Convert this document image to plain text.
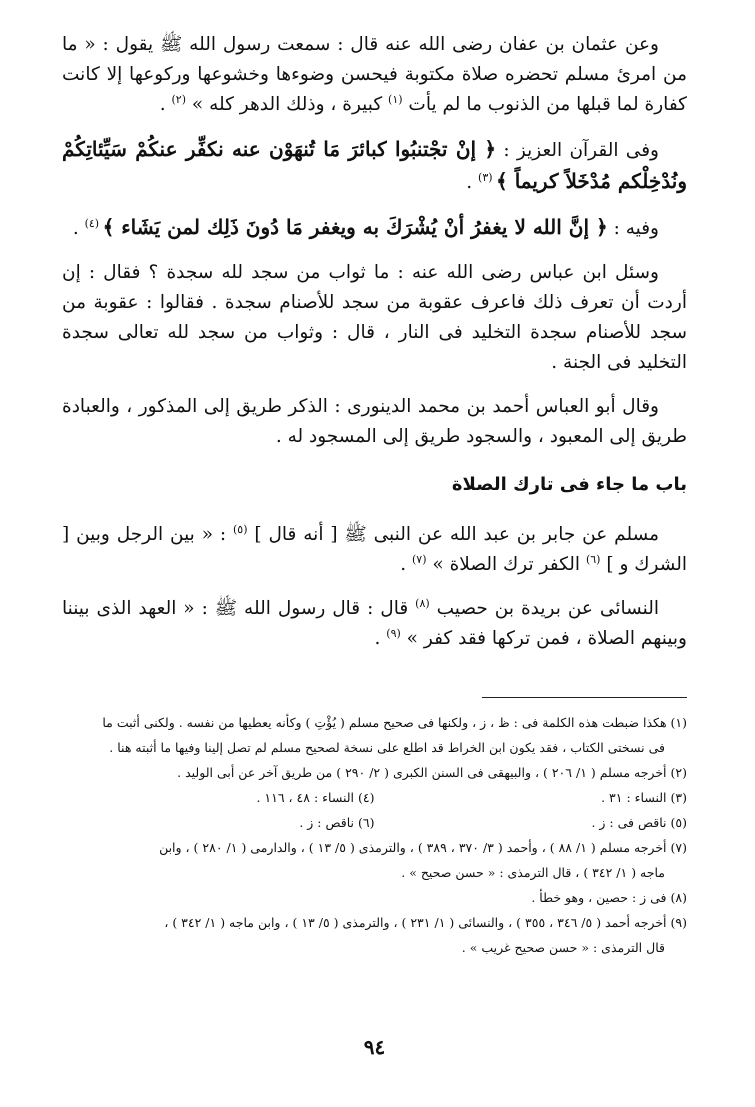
وعن عثمان بن عفان رضى الله عنه قال : سمعت رسول الله ﷺ يقول : « ما من امرئ مسلم تحضره صلاة مكتوبة فيحسن وضوءها وخشوعها وركوعها إلا كانت كفارة لما قبلها من الذنوب ما لم يأت $^{(١)}$ كبيرة ، وذلك الدهر كله » $^{(٢)}$ .

وفى القرآن العزيز : ﴿ إنْ تجْتنبُوا كبائرَ مَا تُنهَوْن عنه نكفِّر عنكُمْ سَيِّئاتِكُمْ ونُدْخِلْكم مُدْخَلاً كريماً ﴾ $^{(٣)}$ .

وفيه : ﴿ إنَّ الله لا يغفرُ أنْ يُشْرَكَ به ويغفر مَا دُونَ ذَلِك لمن يَشَاء ﴾ $^{(٤)}$ .

وسئل ابن عباس رضى الله عنه : ما ثواب من سجد لله سجدة ؟ فقال : إن أردت أن تعرف ذلك فاعرف عقوبة من سجد للأصنام سجدة . فقالوا : عقوبة من سجد للأصنام سجدة التخليد فى النار ، قال : وثواب من سجد لله تعالى سجدة التخليد فى الجنة .

وقال أبو العباس أحمد بن محمد الدينورى : الذكر طريق إلى المذكور ، والعبادة طريق إلى المعبود ، والسجود طريق إلى المسجود له .

باب ما جاء فى تارك الصلاة

مسلم عن جابر بن عبد الله عن النبى ﷺ [ أنه قال ] $^{(٥)}$ : « بين الرجل وبين [ الشرك و ] $^{(٦)}$ الكفر ترك الصلاة » $^{(٧)}$ .

النسائى عن بريدة بن حصيب $^{(٨)}$ قال : قال رسول الله ﷺ : « العهد الذى بيننا وبينهم الصلاة ، فمن تركها فقد كفر » $^{(٩)}$ .

(١) هكذا ضبطت هذه الكلمة فى : ظ ، ز ، ولكنها فى صحيح مسلم ( يُؤْتِ ) وكأنه يعطيها من نفسه . ولكنى أثبت ما

فى نسختى الكتاب ، فقد يكون ابن الخراط قد اطلع على نسخة لصحيح مسلم لم تصل إلينا وفيها ما أثبته هنا .

(٢) أخرجه مسلم ( ١/ ٢٠٦ ) ، والبيهقى فى السنن الكبرى ( ٢/ ٢٩٠ ) من طريق آخر عن أبى الوليد .

(٣) النساء : ٣١ .

(٤) النساء : ٤٨ ، ١١٦ .

(٥) ناقص فى : ز .

(٦) ناقص : ز .

(٧) أخرجه مسلم ( ١/ ٨٨ ) ، وأحمد ( ٣/ ٣٧٠ ، ٣٨٩ ) ، والترمذى ( ٥/ ١٣ ) ، والدارمى ( ١/ ٢٨٠ ) ، وابن

ماجه ( ١/ ٣٤٢ ) ، قال الترمذى : « حسن صحيح » .

(٨) فى ز : حصين ، وهو خطأ .

(٩) أخرجه أحمد ( ٥/ ٣٤٦ ، ٣٥٥ ) ، والنسائى ( ١/ ٢٣١ ) ، والترمذى ( ٥/ ١٣ ) ، وابن ماجه ( ١/ ٣٤٢ ) ،

قال الترمذى : « حسن صحيح غريب » .

٩٤
